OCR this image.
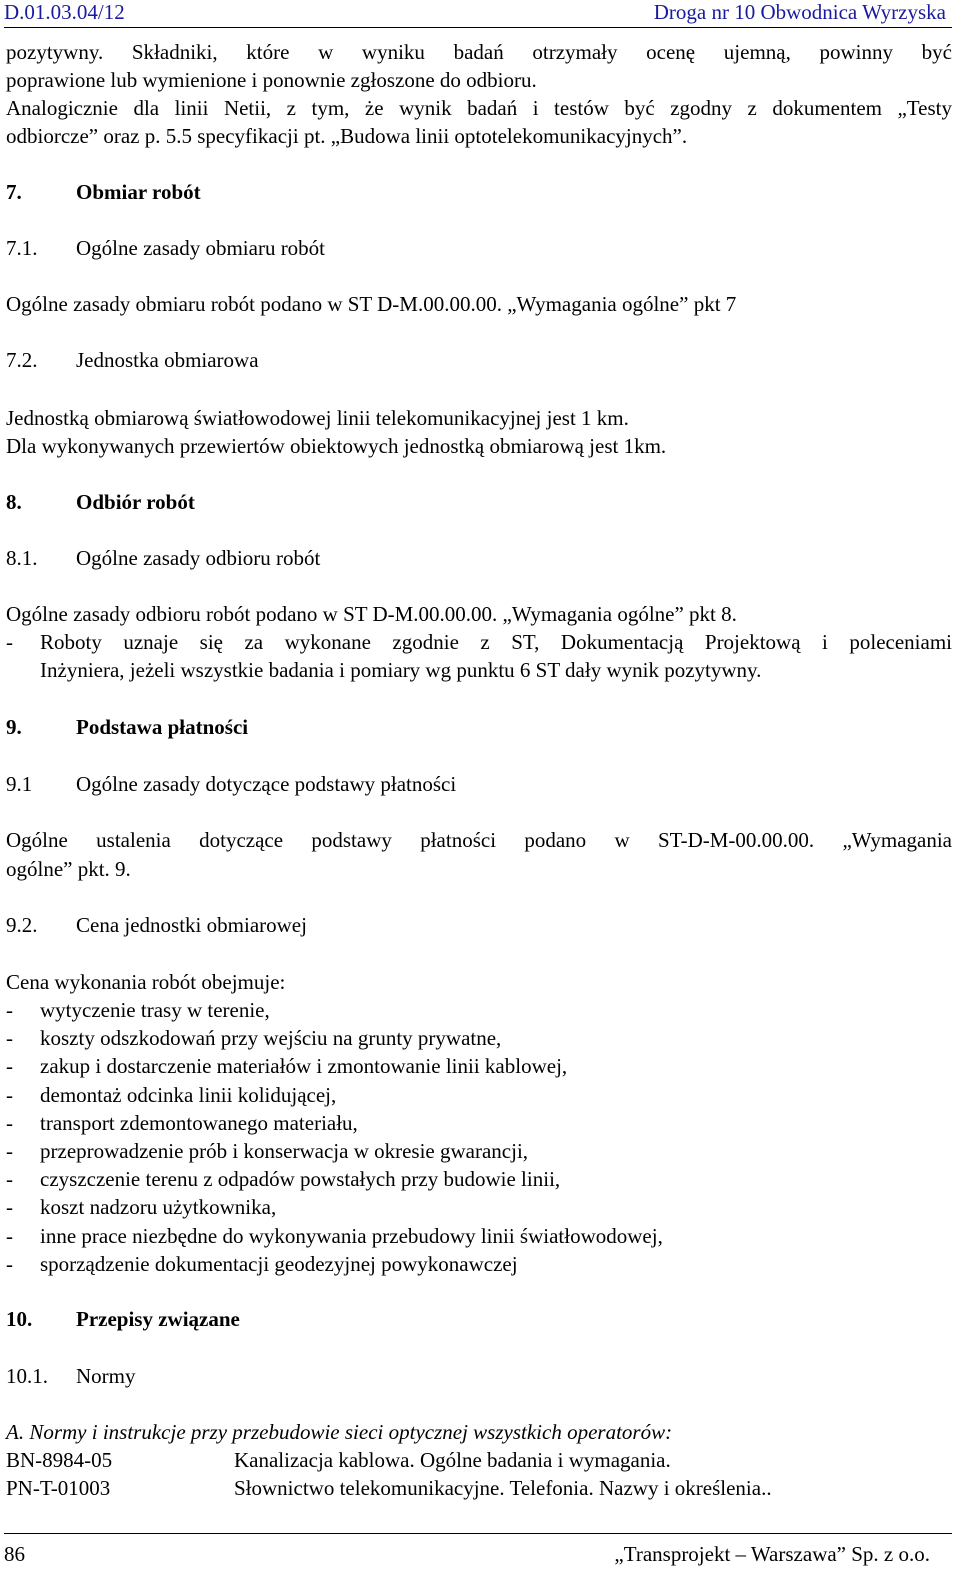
D.01.03.04/12	Droga nr 10 Obwodnica Wyrzyska
pozytywny. Składniki, które w wyniku badań otrzymały ocenę ujemną, powinny być
poprawione lub wymienione i ponownie zgłoszone do odbioru.
Analogicznie dla linii Netii, z tym, że wynik badań i testów być zgodny z dokumentem „Testy
odbiorcze” oraz p. 5.5 specyfikacji pt. „Budowa linii optotelekomunikacyjnych”.
7.	Obmiar robót
7.1. Ogólne zasady obmiaru robót
Ogólne zasady obmiaru robót podano w ST D-M.00.00.00. „Wymagania ogólne” pkt 7
7.2. Jednostka obmiarowa
Jednostką obmiarową światłowodowej linii telekomunikacyjnej jest 1 km.
Dla wykonywanych przewiertów obiektowych jednostką obmiarową jest 1km.
8.	Odbiór robót
8.1. Ogólne zasady odbioru robót
Ogólne zasady odbioru robót podano w ST D-M.00.00.00. „Wymagania ogólne” pkt 8.
- Roboty uznaje się za wykonane zgodnie z ST, Dokumentacją Projektową i poleceniami
Inżyniera, jeżeli wszystkie badania i pomiary wg punktu 6 ST dały wynik pozytywny.
9.	Podstawa płatności
9.1 Ogólne zasady dotyczące podstawy płatności
Ogólne ustalenia dotyczące podstawy płatności podano w ST-D-M-00.00.00. „Wymagania
ogólne” pkt. 9.
9.2. Cena jednostki obmiarowej
Cena wykonania robót obejmuje:
- wytyczenie trasy w terenie,
- koszty odszkodowań przy wejściu na grunty prywatne,
- zakup i dostarczenie materiałów i zmontowanie linii kablowej,
- demontaż odcinka linii kolidującej,
- transport zdemontowanego materiału,
- przeprowadzenie prób i konserwacja w okresie gwarancji,
- czyszczenie terenu z odpadów powstałych przy budowie linii,
- koszt nadzoru użytkownika,
- inne prace niezbędne do wykonywania przebudowy linii światłowodowej,
- sporządzenie dokumentacji geodezyjnej powykonawczej
10. Przepisy związane
10.1. Normy
A. Normy i instrukcje przy przebudowie sieci optycznej wszystkich operatorów:
BN-8984-05	Kanalizacja kablowa. Ogólne badania i wymagania.
PN-T-01003	Słownictwo telekomunikacyjne. Telefonia. Nazwy i określenia..
86	„Transprojekt – Warszawa” Sp. z o.o.
